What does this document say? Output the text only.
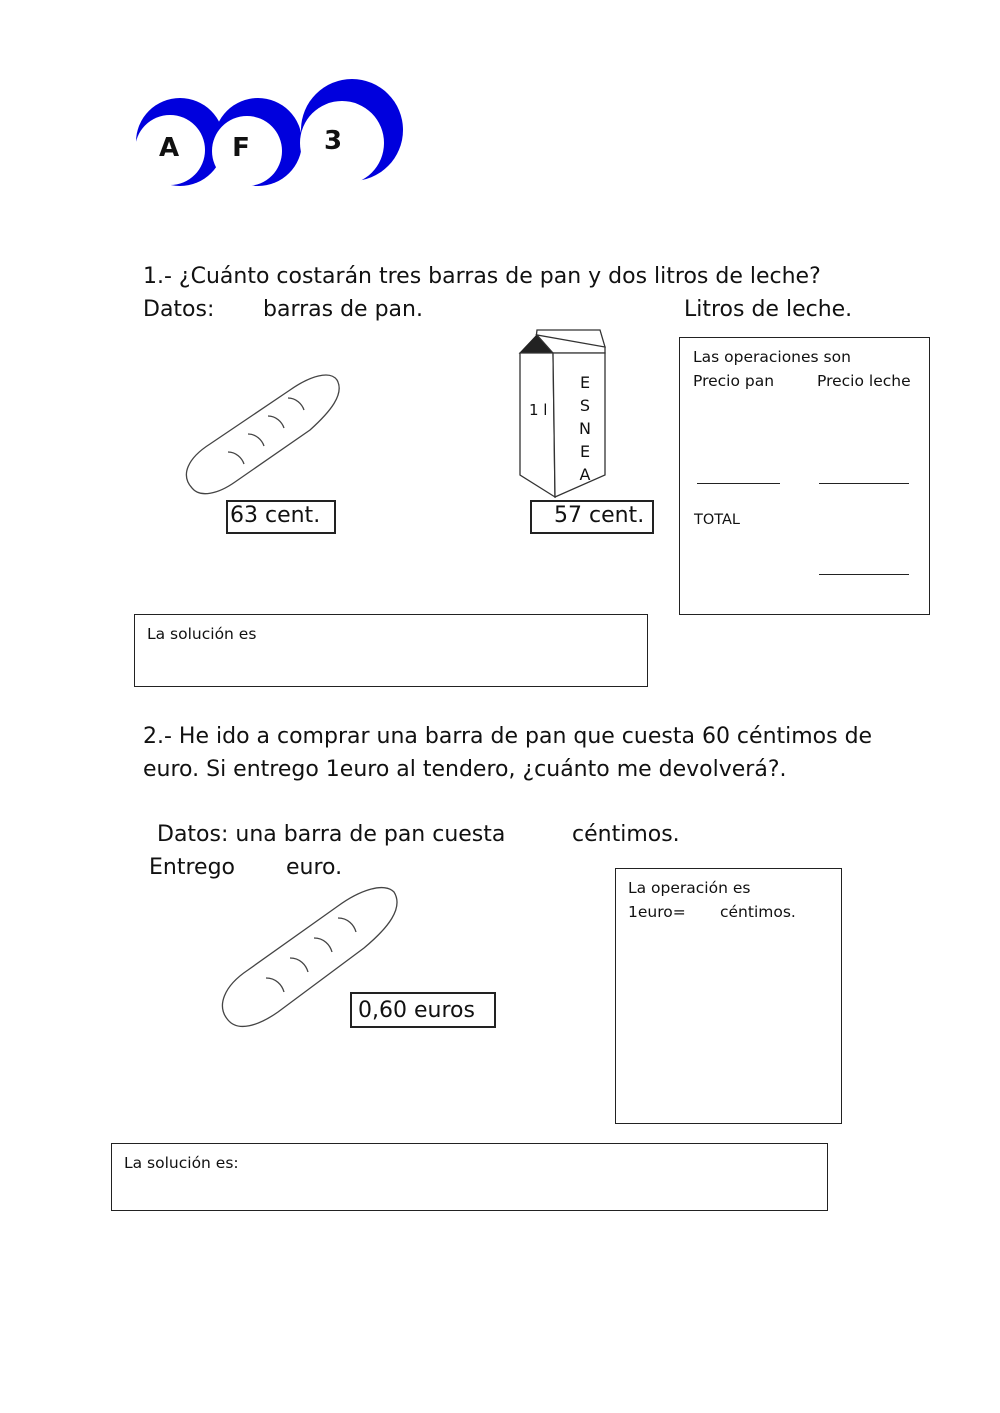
A	F	3
1.- ¿Cuánto costarán tres barras de pan y dos litros de leche?
Datos: barras de pan.	Litros de leche.
63 cent.
1 l
E
S
N
E
A
57 cent.
Las operaciones son
Precio pan	Precio leche
TOTAL
La solución es
2.- He ido a comprar una barra de pan que cuesta 60 céntimos de
euro. Si entrego 1euro al tendero, ¿cuánto me devolverá?.
Datos: una barra de pan cuesta	céntimos.
Entrego euro.
0,60 euros
La operación es
1euro= céntimos.
La solución es:
